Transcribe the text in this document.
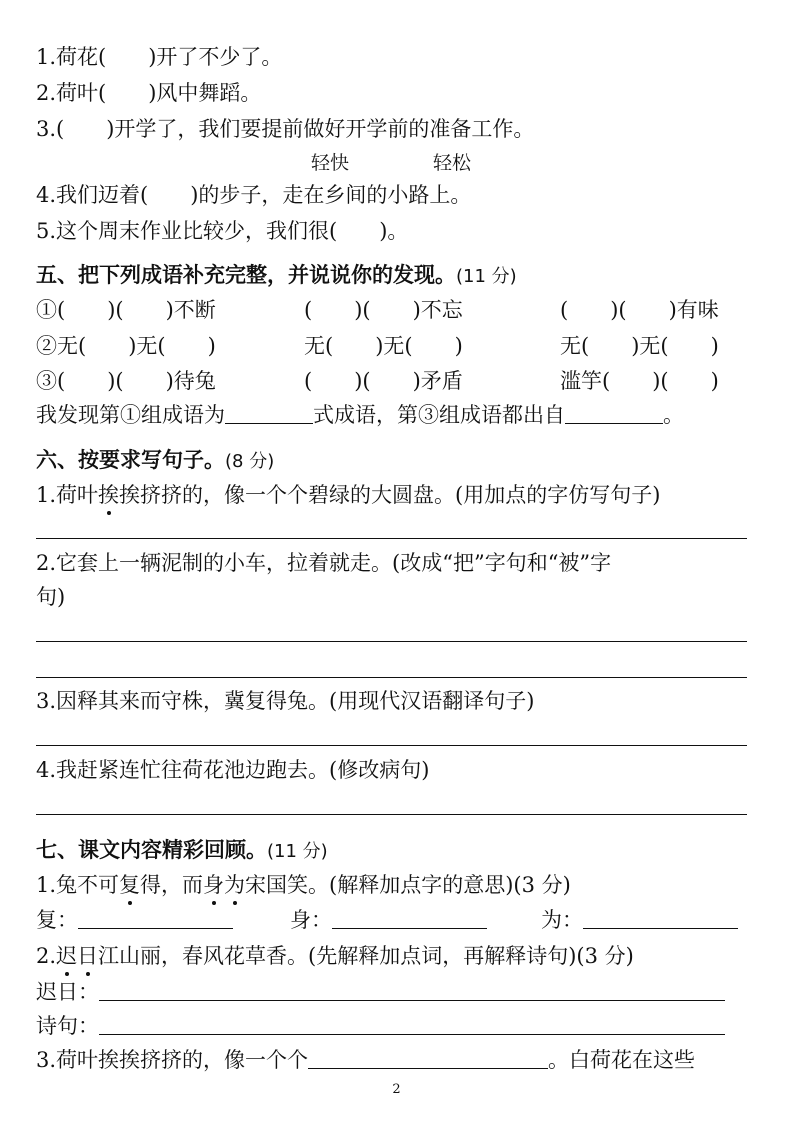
1.荷花(　　)开了不少了。
2.荷叶(　　)风中舞蹈。
3.(　　)开学了，我们要提前做好开学前的准备工作。
轻快	轻松
4.我们迈着(　　)的步子，走在乡间的小路上。
5.这个周末作业比较少，我们很(　　)。
五、把下列成语补充完整，并说说你的发现。(11 分)
①(　　)(　　)不断	(　　)(　　)不忘	(　　)(　　)有味
②无(　　)无(　　)	无(　　)无(　　)	无(　　)无(　　)
③(　　)(　　)待兔	(　　)(　　)矛盾	滥竽(　　)(　　)
我发现第①组成语为	式成语，第③组成语都出自	。
六、按要求写句子。(8 分)
1.荷叶挨挨挤挤的，像一个个碧绿的大圆盘。(用加点的字仿写句子)
2.它套上一辆泥制的小车，拉着就走。(改成“把”字句和“被”字
句)
3.因释其来而守株，冀复得兔。(用现代汉语翻译句子)
4.我赶紧连忙往荷花池边跑去。(修改病句)
七、课文内容精彩回顾。(11 分)
1.兔不可复得，而身为宋国笑。(解释加点字的意思)(3 分)
复：	身：	为：
2.迟日江山丽，春风花草香。(先解释加点词，再解释诗句)(3 分)
迟日：
诗句：
3.荷叶挨挨挤挤的，像一个个	。白荷花在这些
2
